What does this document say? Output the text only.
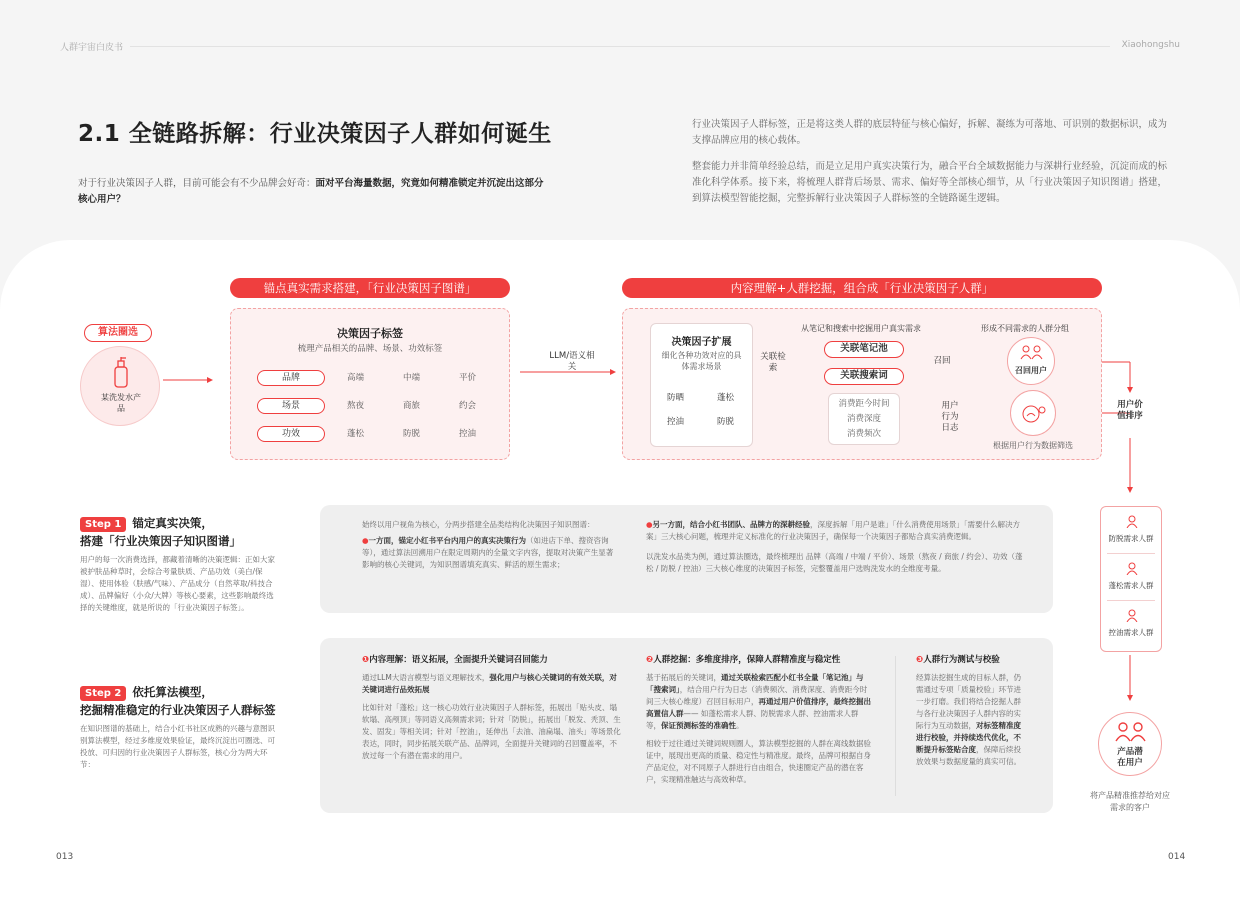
人群宇宙白皮书	Xiaohongshu
2.1 全链路拆解：行业决策因子人群如何诞生
对于行业决策因子人群，目前可能会有不少品牌会好奇：面对平台海量数据，究竟如何精准锁定并沉淀出这部分核心用户？

行业决策因子人群标签，正是将这类人群的底层特征与核心偏好，拆解、凝练为可落地、可识别的数据标识，成为支撑品牌应用的核心载体。

整套能力并非简单经验总结，而是立足用户真实决策行为，融合平台全域数据能力与深耕行业经验，沉淀而成的标准化科学体系。接下来，将梳理人群背后场景、需求、偏好等全部核心细节，从「行业决策因子知识图谱」搭建，到算法模型智能挖掘，完整拆解行业决策因子人群标签的全链路诞生逻辑。

锚点真实需求搭建，「行业决策因子图谱」	内容理解+人群挖掘，组合成「行业决策因子人群」
算法圈选
某洗发水产品
决策因子标签
梳理产品相关的品牌、场景、功效标签
品牌	高端	中端	平价
场景	熬夜	商旅	约会
功效	蓬松	防脱	控油
LLM/语义相关
决策因子扩展
细化各种功效对应的具体需求场景
防晒	蓬松
控油	防脱
关联检索
从笔记和搜索中挖掘用户真实需求
关联笔记池
关联搜索词
召回
消费距今时间
消费深度
消费频次
用户行为日志
形成不同需求的人群分组
召回用户
根据用户行为数据筛选
用户价值排序
防脱需求人群
蓬松需求人群
控油需求人群
产品潜在用户
将产品精准推荐给对应需求的客户
Step 1 锚定真实决策，
搭建「行业决策因子知识图谱」
用户的每一次消费选择，都藏着清晰的决策逻辑：正如大家被护肤品种草时，会综合考量肤质、产品功效（美白/保湿）、使用体验（肤感/气味）、产品成分（自然萃取/科技合成）、品牌偏好（小众/大牌）等核心要素，这些影响最终选择的关键维度，就是所说的「行业决策因子标签」。
始终以用户视角为核心，分两步搭建全品类结构化决策因子知识图谱：
●一方面，锚定小红书平台内用户的真实决策行为（如进店下单、搜资咨询等），通过算法回溯用户在限定周期内的全量文字内容，提取对决策产生显著影响的核心关键词，为知识图谱填充真实、鲜活的原生需求；
●另一方面，结合小红书团队、品牌方的深耕经验，深度拆解「用户是谁」「什么消费使用场景」「需要什么解决方案」三大核心问题，梳理并定义标准化的行业决策因子，确保每一个决策因子都贴合真实消费逻辑。
以洗发水品类为例，通过算法圈选，最终梳理出 品牌（高端 / 中端 / 平价）、场景（熬夜 / 商旅 / 约会）、功效（蓬松 / 防脱 / 控油）三大核心维度的决策因子标签，完整覆盖用户选购洗发水的全维度考量。
Step 2 依托算法模型，
挖掘精准稳定的行业决策因子人群标签
在知识图谱的基础上，结合小红书社区成熟的兴趣与意图识别算法模型，经过多维度效果验证，最终沉淀出可圈选、可投放、可归因的行业决策因子人群标签，核心分为两大环节：
❶内容理解：语义拓展，全面提升关键词召回能力
通过LLM大语言模型与语义理解技术，强化用户与核心关键词的有效关联，对关键词进行品效拓展
比如针对「蓬松」这一核心功效行业决策因子人群标签，拓展出「贴头皮、塌软塌、高颅顶」等同语义高频需求词；针对「防脱」，拓展出「脱发、秃顶、生发、固发」等相关词；针对「控油」，延伸出「去油、油扁塌、油头」等场景化表达，同时，同步拓展关联产品、品牌词，全面提升关键词的召回覆盖率，不放过每一个有潜在需求的用户。
❷人群挖掘：多维度排序，保障人群精准度与稳定性
基于拓展后的关键词，通过关联检索匹配小红书全量「笔记池」与「搜索词」，结合用户行为日志（消费频次、消费深度、消费距今时间三大核心维度）召回目标用户，再通过用户价值排序，最终挖掘出高置信人群—— 如蓬松需求人群、防脱需求人群、控油需求人群等，保证预测标签的准确性。
相较于过往通过关键词规则圈人，算法模型挖掘的人群在离线数据验证中，展现出更高的质量、稳定性与精准度。最终，品牌可根据自身产品定位，对不同原子人群进行自由组合，快速圈定产品的潜在客户，实现精准触达与高效种草。
❸人群行为测试与校验
经算法挖掘生成的目标人群，仍需通过专项「质量校验」环节进一步打磨。我们将结合挖掘人群与各行业决策因子人群内容的实际行为互动数据，对标签精准度进行校验，并持续迭代优化，不断提升标签贴合度，保障后续投放效果与数据度量的真实可信。
013	014
